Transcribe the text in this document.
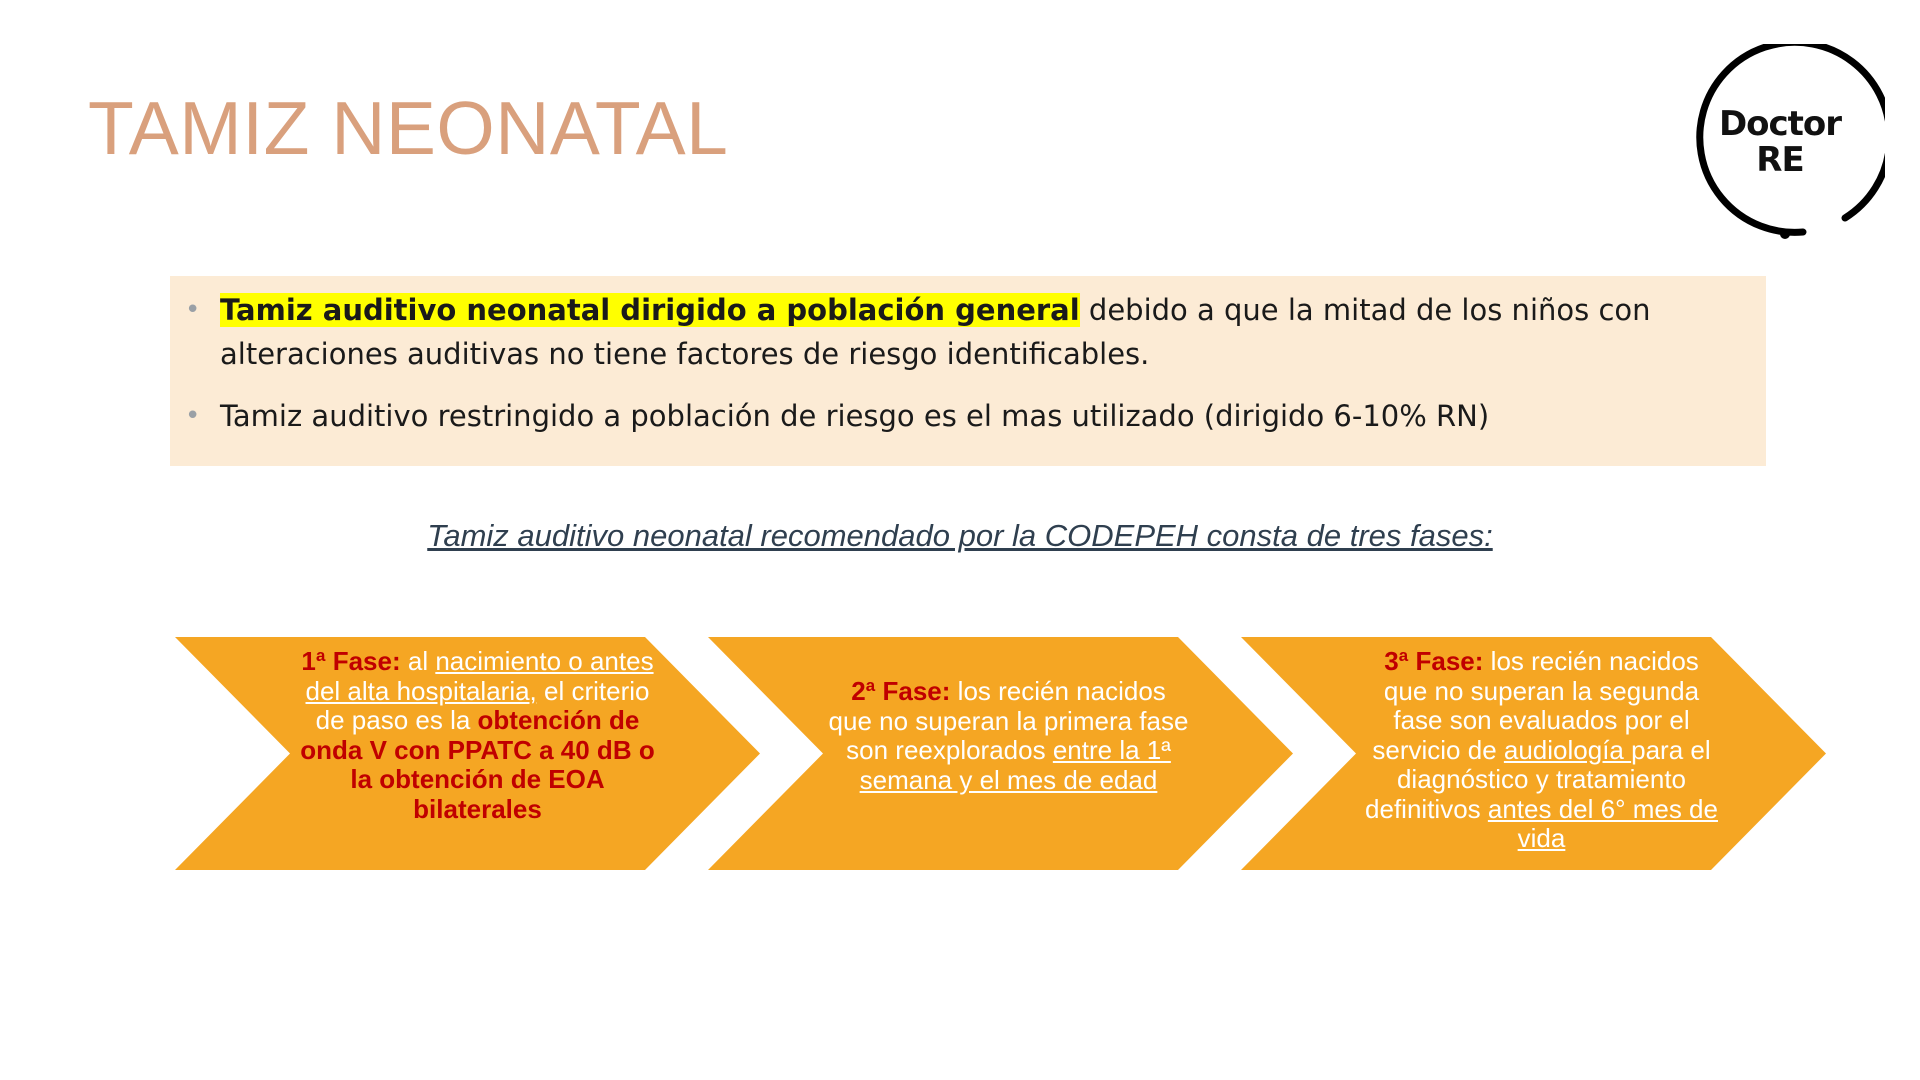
TAMIZ NEONATAL	Doctor
RE
• Tamiz auditivo neonatal dirigido a población general debido a que la mitad de los niños con alteraciones auditivas no tiene factores de riesgo identificables.
• Tamiz auditivo restringido a población de riesgo es el mas utilizado (dirigido 6-10% RN)
Tamiz auditivo neonatal recomendado por la CODEPEH consta de tres fases:
1ª Fase: al nacimiento o antes del alta hospitalaria, el criterio de paso es la obtención de onda V con PPATC a 40 dB o la obtención de EOA bilaterales
2ª Fase: los recién nacidos que no superan la primera fase son reexplorados entre la 1ª semana y el mes de edad
3ª Fase: los recién nacidos que no superan la segunda fase son evaluados por el servicio de audiología para el diagnóstico y tratamiento definitivos antes del 6° mes de vida
